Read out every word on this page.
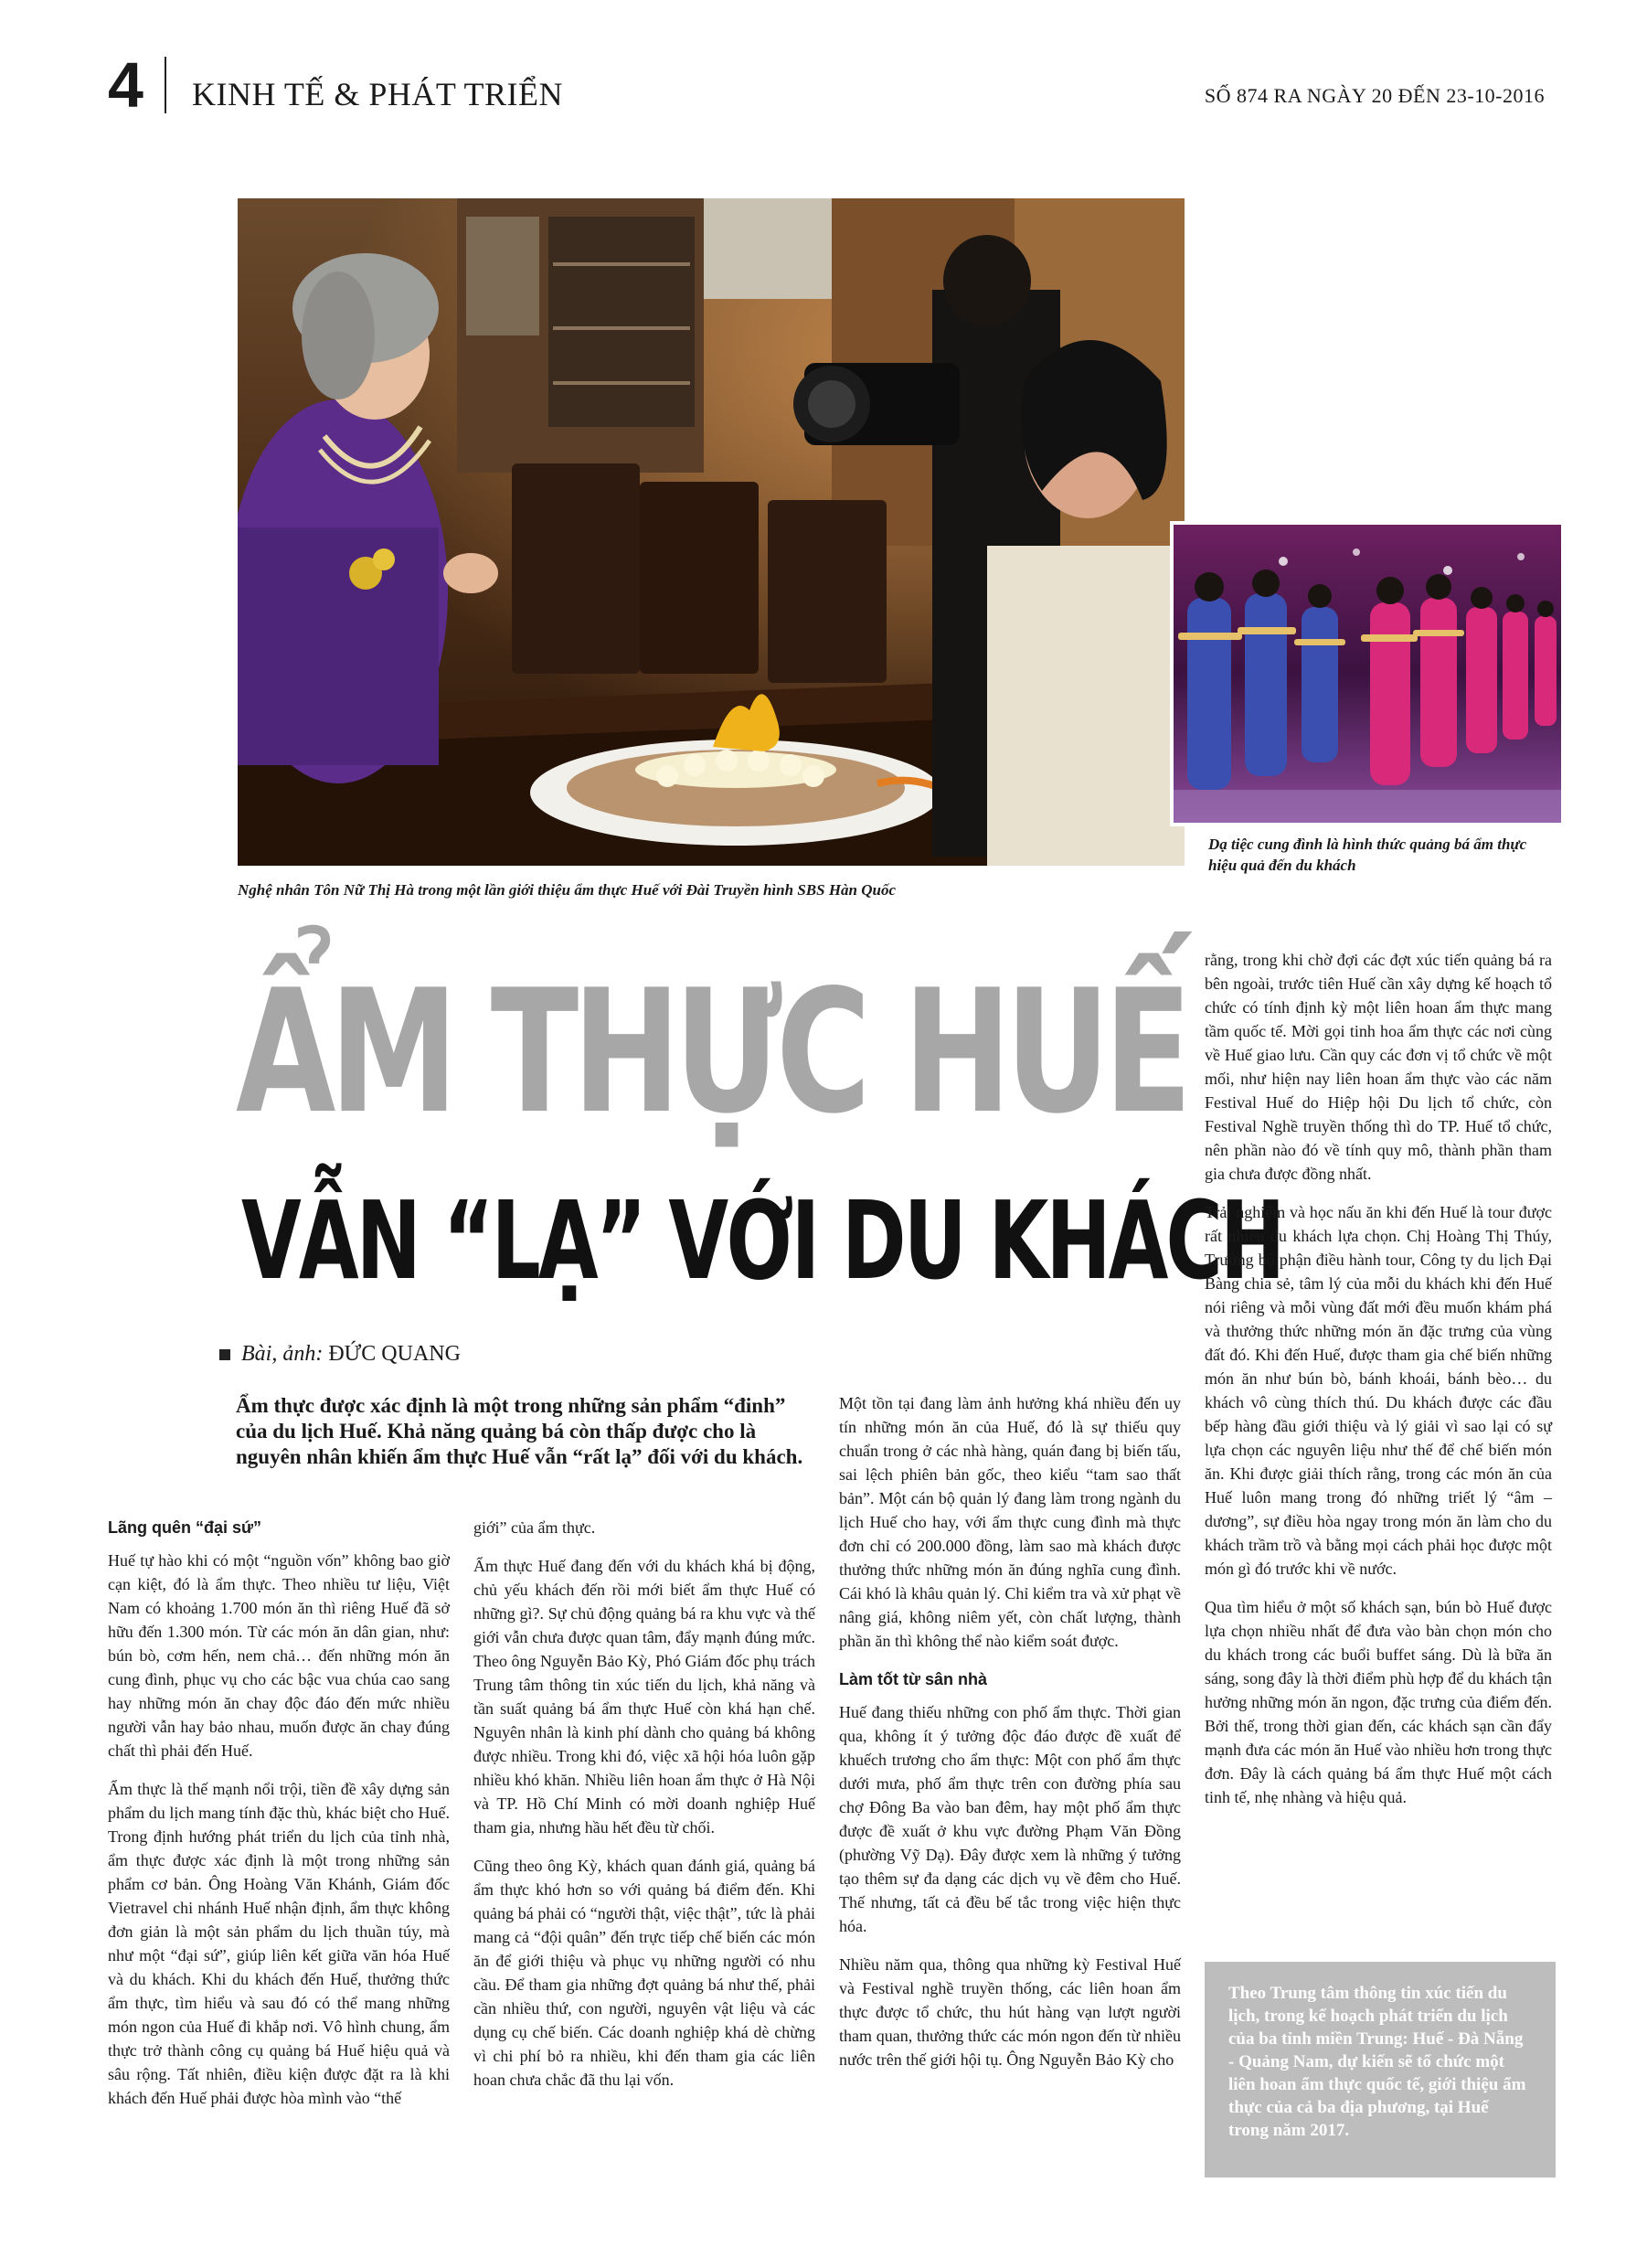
4 KINH TẾ & PHÁT TRIỂN	SỐ 874 RA NGÀY 20 ĐẾN 23-10-2016
Nghệ nhân Tôn Nữ Thị Hà trong một lần giới thiệu ẩm thực Huế với Đài Truyền hình SBS Hàn Quốc
Dạ tiệc cung đình là hình thức quảng bá ẩm thực hiệu quả đến du khách
ẨM THỰC HUẾ
VẪN “LẠ” VỚI DU KHÁCH
Bài, ảnh: ĐỨC QUANG
Ẩm thực được xác định là một trong những sản phẩm “đinh” của du lịch Huế. Khả năng quảng bá còn thấp được cho là nguyên nhân khiến ẩm thực Huế vẫn “rất lạ” đối với du khách.
Lãng quên “đại sứ”

Huế tự hào khi có một “nguồn vốn” không bao giờ cạn kiệt, đó là ẩm thực. Theo nhiều tư liệu, Việt Nam có khoảng 1.700 món ăn thì riêng Huế đã sở hữu đến 1.300 món. Từ các món ăn dân gian, như: bún bò, cơm hến, nem chả… đến những món ăn cung đình, phục vụ cho các bậc vua chúa cao sang hay những món ăn chay độc đáo đến mức nhiều người vẫn hay bảo nhau, muốn được ăn chay đúng chất thì phải đến Huế.

Ẩm thực là thế mạnh nổi trội, tiền đề xây dựng sản phẩm du lịch mang tính đặc thù, khác biệt cho Huế. Trong định hướng phát triển du lịch của tỉnh nhà, ẩm thực được xác định là một trong những sản phẩm cơ bản. Ông Hoàng Văn Khánh, Giám đốc Vietravel chi nhánh Huế nhận định, ẩm thực không đơn giản là một sản phẩm du lịch thuần túy, mà như một “đại sứ”, giúp liên kết giữa văn hóa Huế và du khách. Khi du khách đến Huế, thưởng thức ẩm thực, tìm hiểu và sau đó có thể mang những món ngon của Huế đi khắp nơi. Vô hình chung, ẩm thực trở thành công cụ quảng bá Huế hiệu quả và sâu rộng. Tất nhiên, điều kiện được đặt ra là khi khách đến Huế phải được hòa mình vào “thế

giới” của ẩm thực.

Ẩm thực Huế đang đến với du khách khá bị động, chủ yếu khách đến rồi mới biết ẩm thực Huế có những gì?. Sự chủ động quảng bá ra khu vực và thế giới vẫn chưa được quan tâm, đẩy mạnh đúng mức. Theo ông Nguyễn Bảo Kỳ, Phó Giám đốc phụ trách Trung tâm thông tin xúc tiến du lịch, khả năng và tần suất quảng bá ẩm thực Huế còn khá hạn chế. Nguyên nhân là kinh phí dành cho quảng bá không được nhiều. Trong khi đó, việc xã hội hóa luôn gặp nhiều khó khăn. Nhiều liên hoan ẩm thực ở Hà Nội và TP. Hồ Chí Minh có mời doanh nghiệp Huế tham gia, nhưng hầu hết đều từ chối.

Cũng theo ông Kỳ, khách quan đánh giá, quảng bá ẩm thực khó hơn so với quảng bá điểm đến. Khi quảng bá phải có “người thật, việc thật”, tức là phải mang cả “đội quân” đến trực tiếp chế biến các món ăn để giới thiệu và phục vụ những người có nhu cầu. Để tham gia những đợt quảng bá như thế, phải cần nhiều thứ, con người, nguyên vật liệu và các dụng cụ chế biến. Các doanh nghiệp khá dè chừng vì chi phí bỏ ra nhiều, khi đến tham gia các liên hoan chưa chắc đã thu lại vốn.

Một tồn tại đang làm ảnh hưởng khá nhiều đến uy tín những món ăn của Huế, đó là sự thiếu quy chuẩn trong ở các nhà hàng, quán đang bị biến tấu, sai lệch phiên bản gốc, theo kiểu “tam sao thất bản”. Một cán bộ quản lý đang làm trong ngành du lịch Huế cho hay, với ẩm thực cung đình mà thực đơn chỉ có 200.000 đồng, làm sao mà khách được thưởng thức những món ăn đúng nghĩa cung đình. Cái khó là khâu quản lý. Chỉ kiểm tra và xử phạt về nâng giá, không niêm yết, còn chất lượng, thành phần ăn thì không thể nào kiểm soát được.

Làm tốt từ sân nhà

Huế đang thiếu những con phố ẩm thực. Thời gian qua, không ít ý tưởng độc đáo được đề xuất để khuếch trương cho ẩm thực: Một con phố ẩm thực dưới mưa, phố ẩm thực trên con đường phía sau chợ Đông Ba vào ban đêm, hay một phố ẩm thực được đề xuất ở khu vực đường Phạm Văn Đồng (phường Vỹ Dạ). Đây được xem là những ý tưởng tạo thêm sự đa dạng các dịch vụ về đêm cho Huế. Thế nhưng, tất cả đều bế tắc trong việc hiện thực hóa.

Nhiều năm qua, thông qua những kỳ Festival Huế và Festival nghề truyền thống, các liên hoan ẩm thực được tổ chức, thu hút hàng vạn lượt người tham quan, thưởng thức các món ngon đến từ nhiều nước trên thế giới hội tụ. Ông Nguyễn Bảo Kỳ cho

rằng, trong khi chờ đợi các đợt xúc tiến quảng bá ra bên ngoài, trước tiên Huế cần xây dựng kế hoạch tổ chức có tính định kỳ một liên hoan ẩm thực mang tầm quốc tế. Mời gọi tinh hoa ẩm thực các nơi cùng về Huế giao lưu. Cần quy các đơn vị tổ chức về một mối, như hiện nay liên hoan ẩm thực vào các năm Festival Huế do Hiệp hội Du lịch tổ chức, còn Festival Nghề truyền thống thì do TP. Huế tổ chức, nên phần nào đó về tính quy mô, thành phần tham gia chưa được đồng nhất.

Trải nghiệm và học nấu ăn khi đến Huế là tour được rất nhiều du khách lựa chọn. Chị Hoàng Thị Thúy, Trưởng bộ phận điều hành tour, Công ty du lịch Đại Bàng chia sẻ, tâm lý của mỗi du khách khi đến Huế nói riêng và mỗi vùng đất mới đều muốn khám phá và thưởng thức những món ăn đặc trưng của vùng đất đó. Khi đến Huế, được tham gia chế biến những món ăn như bún bò, bánh khoái, bánh bèo… du khách vô cùng thích thú. Du khách được các đầu bếp hàng đầu giới thiệu và lý giải vì sao lại có sự lựa chọn các nguyên liệu như thế để chế biến món ăn. Khi được giải thích rằng, trong các món ăn của Huế luôn mang trong đó những triết lý “âm – dương”, sự điều hòa ngay trong món ăn làm cho du khách trầm trồ và bằng mọi cách phải học được một món gì đó trước khi về nước.

Qua tìm hiểu ở một số khách sạn, bún bò Huế được lựa chọn nhiều nhất để đưa vào bàn chọn món cho du khách trong các buổi buffet sáng. Dù là bữa ăn sáng, song đây là thời điểm phù hợp để du khách tận hưởng những món ăn ngon, đặc trưng của điểm đến. Bởi thế, trong thời gian đến, các khách sạn cần đẩy mạnh đưa các món ăn Huế vào nhiều hơn trong thực đơn. Đây là cách quảng bá ẩm thực Huế một cách tinh tế, nhẹ nhàng và hiệu quả.

Theo Trung tâm thông tin xúc tiến du lịch, trong kế hoạch phát triển du lịch của ba tỉnh miền Trung: Huế - Đà Nẵng - Quảng Nam, dự kiến sẽ tổ chức một liên hoan ẩm thực quốc tế, giới thiệu ẩm thực của cả ba địa phương, tại Huế trong năm 2017.
